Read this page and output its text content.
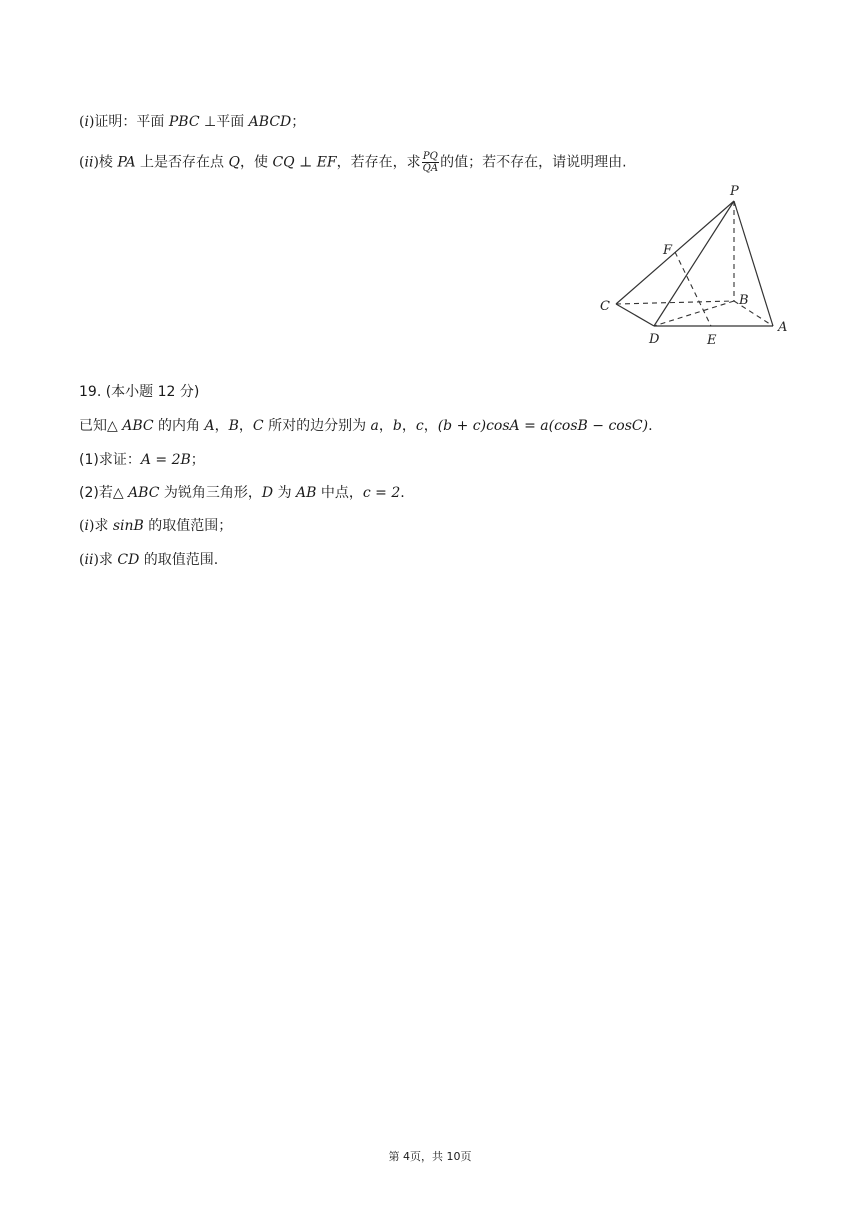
(i)证明：平面 PBC ⊥平面 ABCD；
(ii)棱 PA 上是否存在点 Q，使 CQ ⊥ EF，若存在，求 $\frac{PQ}{QA}$ 的值；若不存在，请说明理由.
P
F
C	B
A
D	E
19. (本小题 12 分)
已知△ ABC 的内角 A，B，C 所对的边分别为 a，b，c，(b + c)cosA = a(cosB − cosC).
(1)求证：A = 2B；
(2)若△ ABC 为锐角三角形，D 为 AB 中点，c = 2.
(i)求 sinB 的取值范围；
(ii)求 CD 的取值范围.
第 4页，共 10页
